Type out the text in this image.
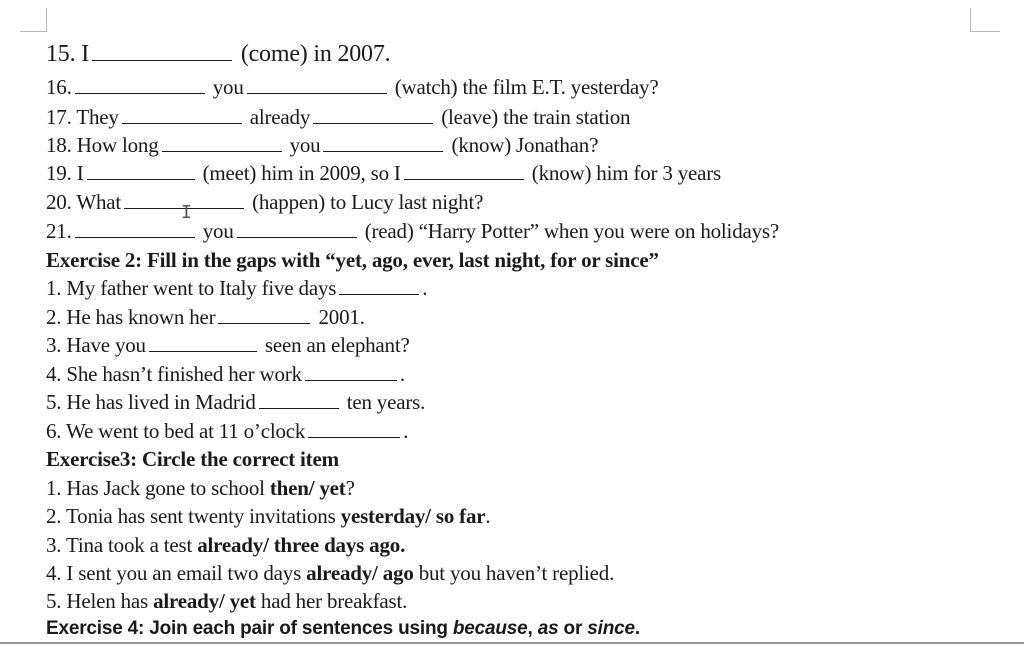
15. I	(come) in 2007.
16.	you	(watch) the film E.T. yesterday?
17. They	already	(leave) the train station
18. How long	you	(know) Jonathan?
19. I	(meet) him in 2009, so I	(know) him for 3 years
20. What	(happen) to Lucy last night?
I
21.	you	(read) “Harry Potter” when you were on holidays?
Exercise 2: Fill in the gaps with “yet, ago, ever, last night, for or since”
1. My father went to Italy five days	.
2. He has known her	2001.
3. Have you	seen an elephant?
4. She hasn’t finished her work	.
5. He has lived in Madrid	ten years.
6. We went to bed at 11 o’clock	.
Exercise3: Circle the correct item
1. Has Jack gone to school then/ yet?
2. Tonia has sent twenty invitations yesterday/ so far.
3. Tina took a test already/ three days ago.
4. I sent you an email two days already/ ago but you haven’t replied.
5. Helen has already/ yet had her breakfast.
Exercise 4: Join each pair of sentences using because, as or since.
